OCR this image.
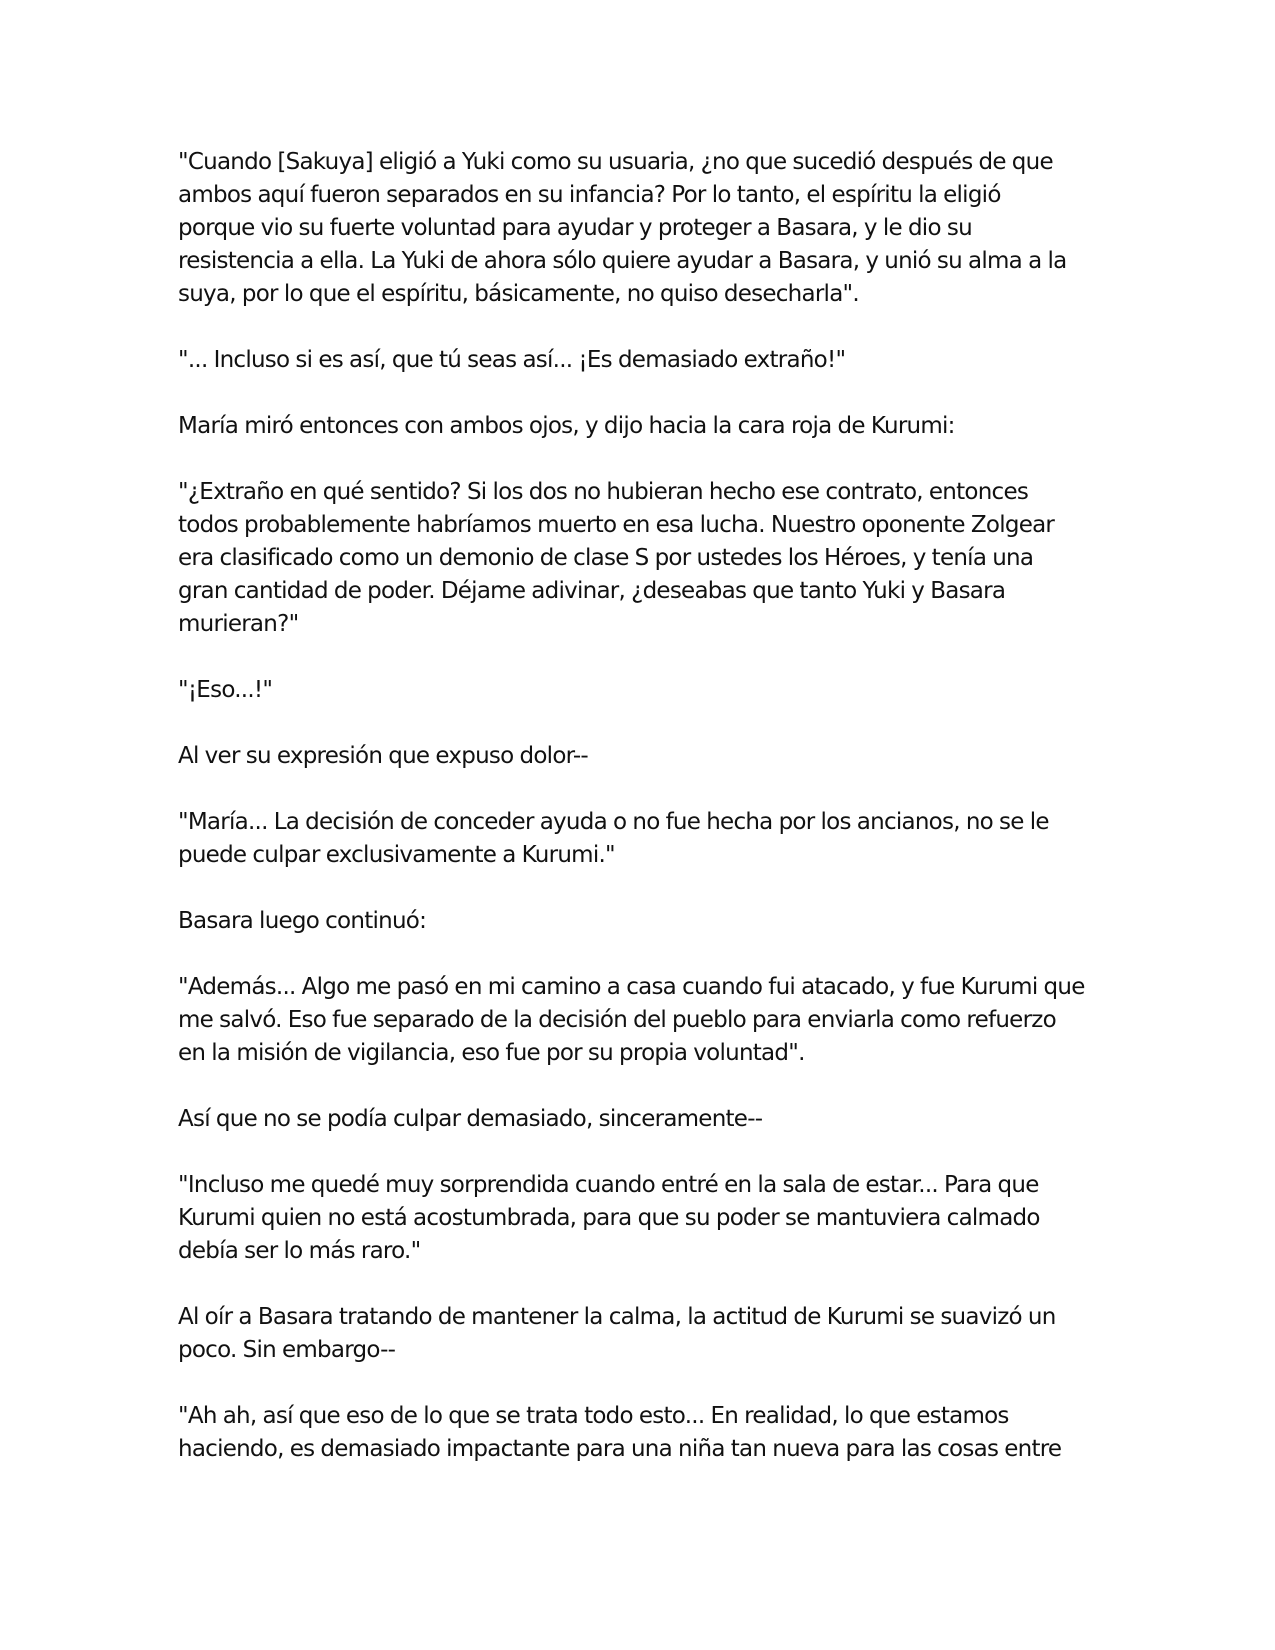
"Cuando [Sakuya] eligió a Yuki como su usuaria, ¿no que sucedió después de que
ambos aquí fueron separados en su infancia? Por lo tanto, el espíritu la eligió
porque vio su fuerte voluntad para ayudar y proteger a Basara, y le dio su
resistencia a ella. La Yuki de ahora sólo quiere ayudar a Basara, y unió su alma a la
suya, por lo que el espíritu, básicamente, no quiso desecharla".
"... Incluso si es así, que tú seas así... ¡Es demasiado extraño!"
María miró entonces con ambos ojos, y dijo hacia la cara roja de Kurumi:
"¿Extraño en qué sentido? Si los dos no hubieran hecho ese contrato, entonces
todos probablemente habríamos muerto en esa lucha. Nuestro oponente Zolgear
era clasificado como un demonio de clase S por ustedes los Héroes, y tenía una
gran cantidad de poder. Déjame adivinar, ¿deseabas que tanto Yuki y Basara
murieran?"
"¡Eso...!"
Al ver su expresión que expuso dolor--
"María... La decisión de conceder ayuda o no fue hecha por los ancianos, no se le
puede culpar exclusivamente a Kurumi."
Basara luego continuó:
"Además... Algo me pasó en mi camino a casa cuando fui atacado, y fue Kurumi que
me salvó. Eso fue separado de la decisión del pueblo para enviarla como refuerzo
en la misión de vigilancia, eso fue por su propia voluntad".
Así que no se podía culpar demasiado, sinceramente--
"Incluso me quedé muy sorprendida cuando entré en la sala de estar... Para que
Kurumi quien no está acostumbrada, para que su poder se mantuviera calmado
debía ser lo más raro."
Al oír a Basara tratando de mantener la calma, la actitud de Kurumi se suavizó un
poco. Sin embargo--
"Ah ah, así que eso de lo que se trata todo esto... En realidad, lo que estamos
haciendo, es demasiado impactante para una niña tan nueva para las cosas entre
